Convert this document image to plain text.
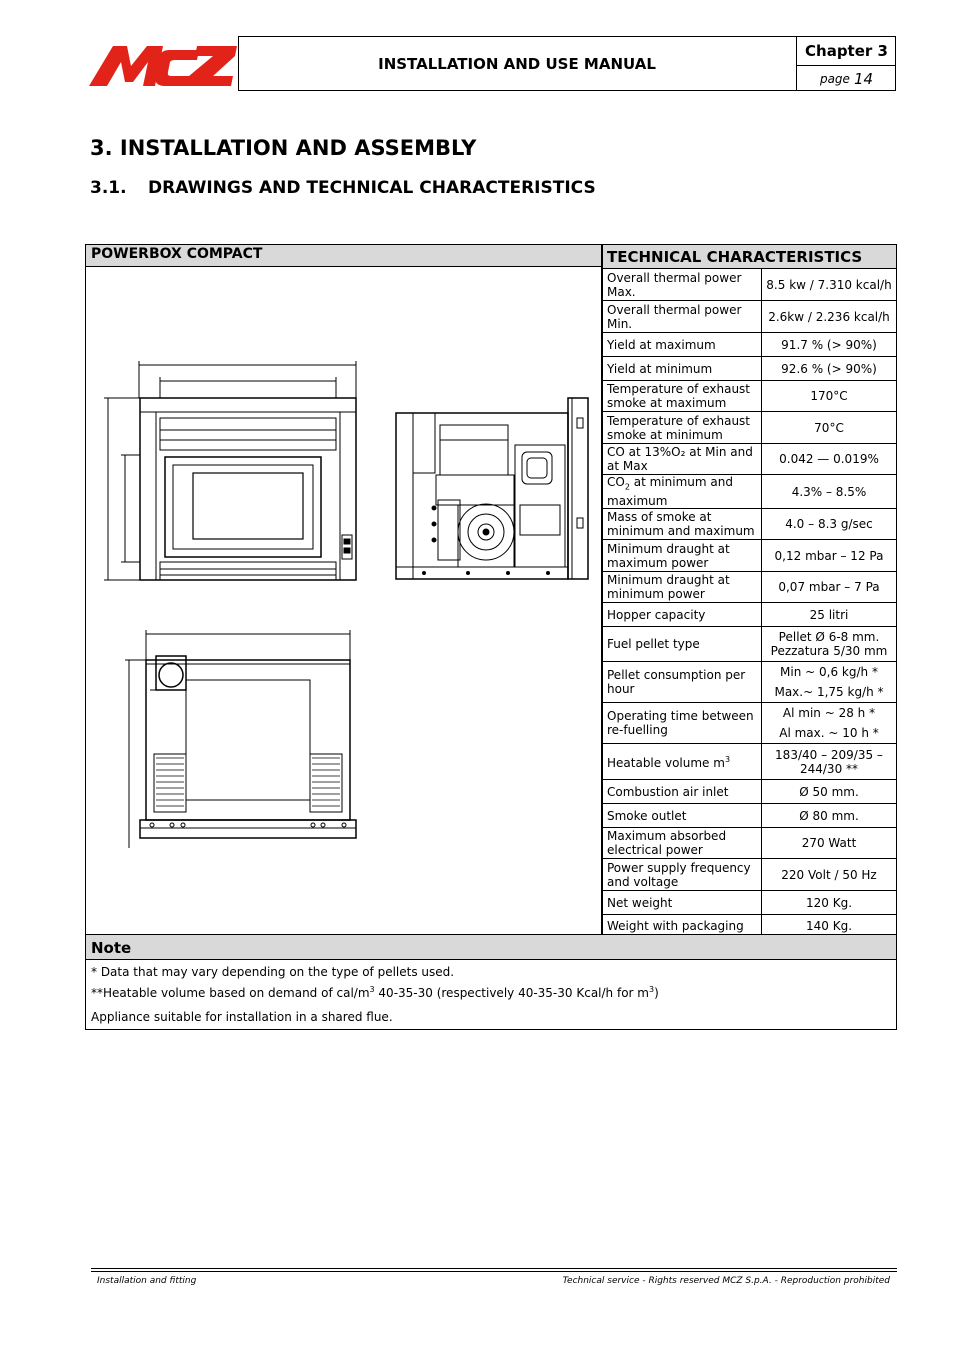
INSTALLATION AND USE MANUAL
Chapter 3
page 14
3. INSTALLATION AND ASSEMBLY
3.1. DRAWINGS AND TECHNICAL CHARACTERISTICS
POWERBOX COMPACT	TECHNICAL CHARACTERISTICS	
Overall thermal power Max.	8.5 kw / 7.310 kcal/h
Overall thermal power Min.	2.6kw / 2.236 kcal/h
Yield at maximum	91.7 % (> 90%)
Yield at minimum	92.6 % (> 90%)
Temperature of exhaust smoke at maximum	170°C
Temperature of exhaust smoke at minimum	70°C
CO at 13%O₂ at Min and at Max	0.042 — 0.019%
$CO_2$ at minimum and maximum	4.3% – 8.5%
Mass of smoke at minimum and maximum	4.0 – 8.3 g/sec
Minimum draught at maximum power	0,12 mbar – 12 Pa
Minimum draught at minimum power	0,07 mbar – 7 Pa
Hopper capacity	25 litri
Fuel pellet type	Pellet Ø 6-8 mm. Pezzatura 5/30 mm
Pellet consumption per hour	Min ~ 0,6 kg/h *
Max.~ 1,75 kg/h *

Operating time between re-fuelling	Al min ~ 28 h *
Al max. ~ 10 h *

Heatable volume $m^3$	183/40 – 209/35 – 244/30 **
Combustion air inlet	Ø 50 mm.
Smoke outlet	Ø 80 mm.
Maximum absorbed electrical power	270 Watt
Power supply frequency and voltage	220 Volt / 50 Hz
Net weight	120 Kg.
Weight with packaging	140 Kg.
Note
* Data that may vary depending on the type of pellets used.
**Heatable volume based on demand of cal/$m^3$ 40-35-30 (respectively 40-35-30 Kcal/h for $m^3$)
Appliance suitable for installation in a shared flue.
Installation and fitting	Technical service - Rights reserved MCZ S.p.A. - Reproduction prohibited
